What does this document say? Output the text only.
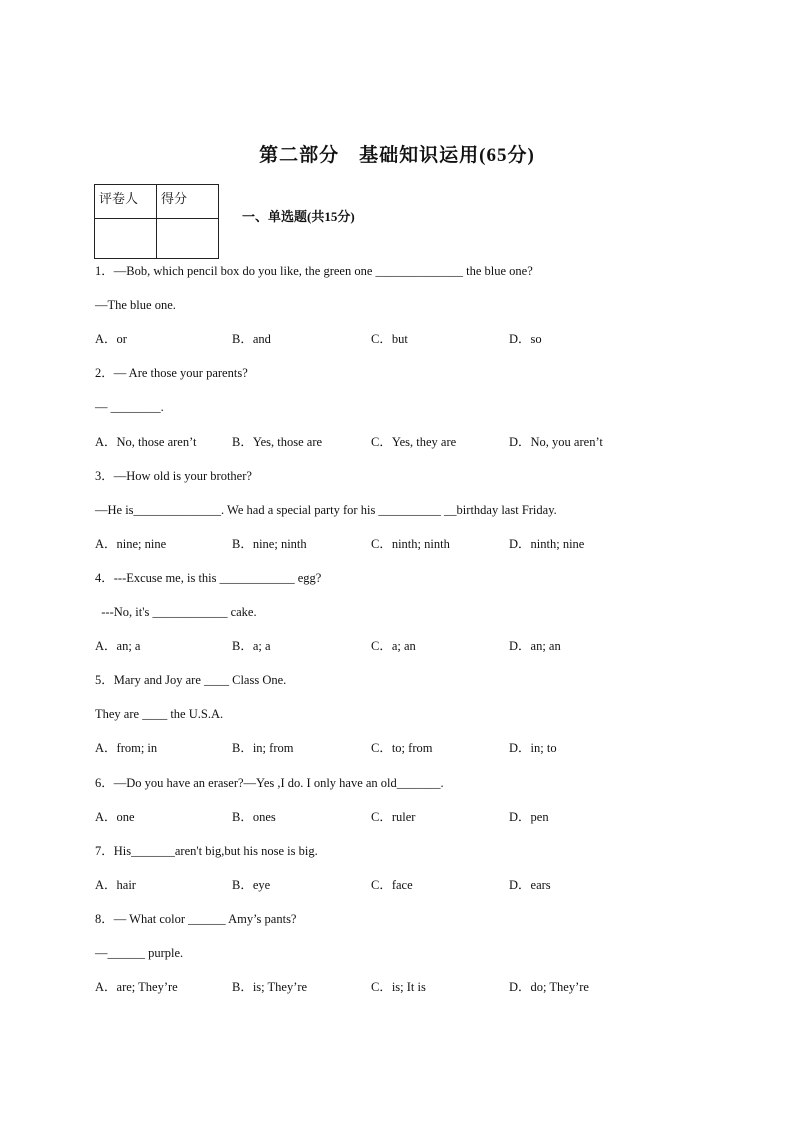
第二部分　基础知识运用(65分)
评卷人	得分

一、单选题(共15分)
1．—Bob, which pencil box do you like, the green one ______________ the blue one?
—The blue one.
A．or	B．and	C．but	D．so
2．— Are those your parents?
— ________.
A．No, those aren’t	B．Yes, those are	C．Yes, they are	D．No, you aren’t
3．—How old is your brother?
—He is______________. We had a special party for his __________ __birthday last Friday.
A．nine; nine	B．nine; ninth	C．ninth; ninth	D．ninth; nine
4．---Excuse me, is this ____________ egg?
---No, it's ____________ cake.
A．an; a	B．a; a	C．a; an	D．an; an
5．Mary and Joy are ____ Class One.
They are ____ the U.S.A.
A．from; in	B．in; from	C．to; from	D．in; to
6．—Do you have an eraser?—Yes ,I do. I only have an old_______.
A．one	B．ones	C．ruler	D．pen
7．His_______aren't big,but his nose is big.
A．hair	B．eye	C．face	D．ears
8．— What color ______ Amy’s pants?
—______ purple.
A．are; They’re	B．is; They’re	C．is; It is	D．do; They’re
